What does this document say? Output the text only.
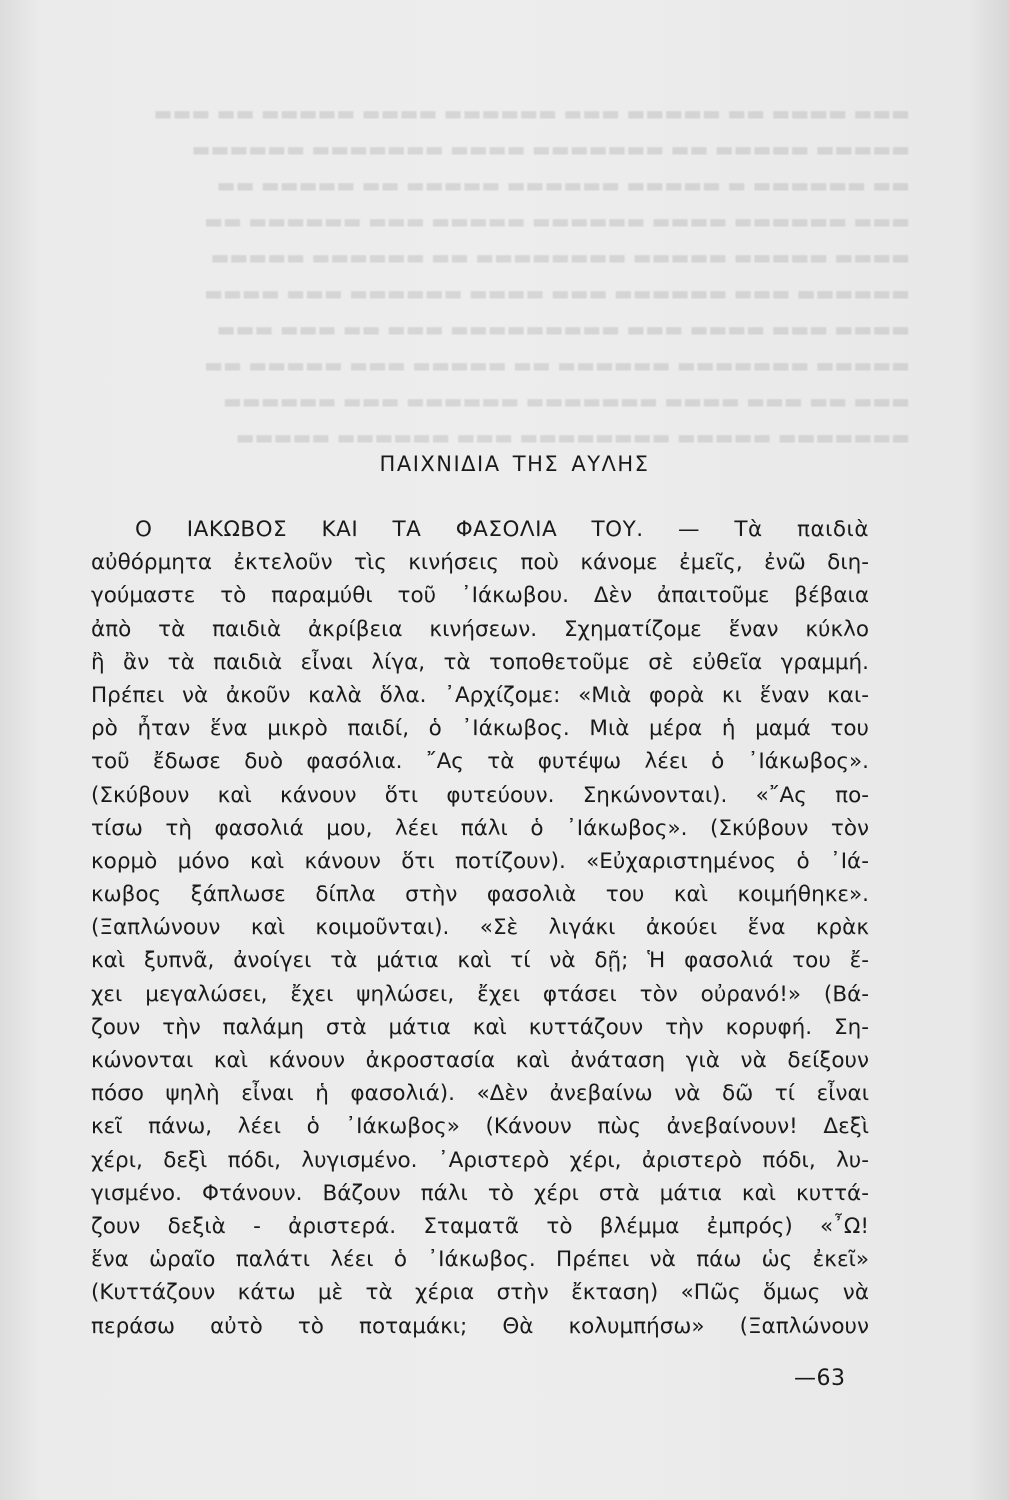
▬▬▬ ▬▬▬▬ ▬▬ ▬▬▬▬▬ ▬▬▬ ▬▬▬▬▬▬ ▬▬▬▬ ▬▬▬▬▬ ▬▬ ▬▬▬
▬▬▬▬▬ ▬▬▬▬▬ ▬▬ ▬▬▬▬▬▬▬ ▬▬▬▬ ▬▬▬▬▬▬▬ ▬▬▬▬▬▬
▬▬ ▬▬▬▬▬▬ ▬ ▬▬▬▬▬ ▬▬▬▬▬▬ ▬▬▬▬▬ ▬▬ ▬▬▬▬▬ ▬▬
▬▬▬ ▬▬▬▬▬▬ ▬▬▬▬ ▬▬▬▬▬▬ ▬▬▬▬▬ ▬▬▬ ▬▬▬▬▬▬ ▬▬
▬▬▬▬ ▬▬▬▬▬ ▬▬▬▬▬ ▬▬▬▬▬▬▬▬ ▬▬ ▬▬▬▬▬▬ ▬▬▬▬▬
▬▬▬▬▬▬ ▬▬▬ ▬▬▬▬▬▬ ▬▬▬ ▬▬▬▬ ▬▬▬▬▬▬ ▬▬▬ ▬▬▬▬
▬▬▬▬ ▬▬▬ ▬▬▬▬ ▬▬▬ ▬▬▬▬▬▬▬▬▬ ▬▬▬ ▬▬ ▬▬▬ ▬▬▬
▬▬▬▬▬ ▬▬▬▬▬▬▬ ▬▬▬▬▬▬ ▬▬ ▬▬▬▬▬ ▬▬▬ ▬▬▬▬▬ ▬▬
▬▬▬ ▬▬ ▬▬▬ ▬▬▬▬ ▬▬▬▬▬▬▬ ▬▬▬▬▬▬ ▬▬▬ ▬▬▬▬▬▬
▬▬▬▬▬▬▬ ▬▬▬▬▬ ▬▬▬▬▬▬▬▬ ▬▬▬ ▬▬▬▬▬▬ ▬▬▬▬▬

ΠΑΙΧΝΙΔΙΑ ΤΗΣ ΑΥΛΗΣ
Ο ΙΑΚΩΒΟΣ ΚΑΙ ΤΑ ΦΑΣΟΛΙΑ ΤΟΥ. — Τὰ παιδιὰ
αὐθόρμητα ἐκτελοῦν τὶς κινήσεις ποὺ κάνομε ἐμεῖς, ἐνῶ διη-
γούμαστε τὸ παραμύθι τοῦ ᾽Ιάκωβου. Δὲν ἀπαιτοῦμε βέβαια
ἀπὸ τὰ παιδιὰ ἀκρίβεια κινήσεων. Σχηματίζομε ἕναν κύκλο
ἢ ἂν τὰ παιδιὰ εἶναι λίγα, τὰ τοποθετοῦμε σὲ εὐθεῖα γραμμή.
Πρέπει νὰ ἀκοῦν καλὰ ὅλα. ᾽Αρχίζομε: «Μιὰ φορὰ κι ἕναν και-
ρὸ ἦταν ἕνα μικρὸ παιδί, ὁ ᾽Ιάκωβος. Μιὰ μέρα ἡ μαμά του
τοῦ ἔδωσε δυὸ φασόλια. ῎Ας τὰ φυτέψω λέει ὁ ᾽Ιάκωβος».
(Σκύβουν καὶ κάνουν ὅτι φυτεύουν. Σηκώνονται). «῎Ας πο-
τίσω τὴ φασολιά μου, λέει πάλι ὁ ᾽Ιάκωβος». (Σκύβουν τὸν
κορμὸ μόνο καὶ κάνουν ὅτι ποτίζουν). «Εὐχαριστημένος ὁ ᾽Ιά-
κωβος ξάπλωσε δίπλα στὴν φασολιὰ του καὶ κοιμήθηκε».
(Ξαπλώνουν καὶ κοιμοῦνται). «Σὲ λιγάκι ἀκούει ἕνα κρὰκ
καὶ ξυπνᾶ, ἀνοίγει τὰ μάτια καὶ τί νὰ δῇ; Ἡ φασολιά του ἔ-
χει μεγαλώσει, ἔχει ψηλώσει, ἔχει φτάσει τὸν οὐρανό!» (Βά-
ζουν τὴν παλάμη στὰ μάτια καὶ κυττάζουν τὴν κορυφή. Ση-
κώνονται καὶ κάνουν ἀκροστασία καὶ ἀνάταση γιὰ νὰ δείξουν
πόσο ψηλὴ εἶναι ἡ φασολιά). «Δὲν ἀνεβαίνω νὰ δῶ τί εἶναι
κεῖ πάνω, λέει ὁ ᾽Ιάκωβος» (Κάνουν πὼς ἀνεβαίνουν! Δεξὶ
χέρι, δεξὶ πόδι, λυγισμένο. ᾽Αριστερὸ χέρι, ἀριστερὸ πόδι, λυ-
γισμένο. Φτάνουν. Βάζουν πάλι τὸ χέρι στὰ μάτια καὶ κυττά-
ζουν δεξιὰ - ἀριστερά. Σταματᾶ τὸ βλέμμα ἐμπρός) «῏Ω!
ἕνα ὡραῖο παλάτι λέει ὁ ᾽Ιάκωβος. Πρέπει νὰ πάω ὡς ἐκεῖ»
(Κυττάζουν κάτω μὲ τὰ χέρια στὴν ἔκταση) «Πῶς ὅμως νὰ
περάσω αὐτὸ τὸ ποταμάκι; Θὰ κολυμπήσω» (Ξαπλώνουν
—63
